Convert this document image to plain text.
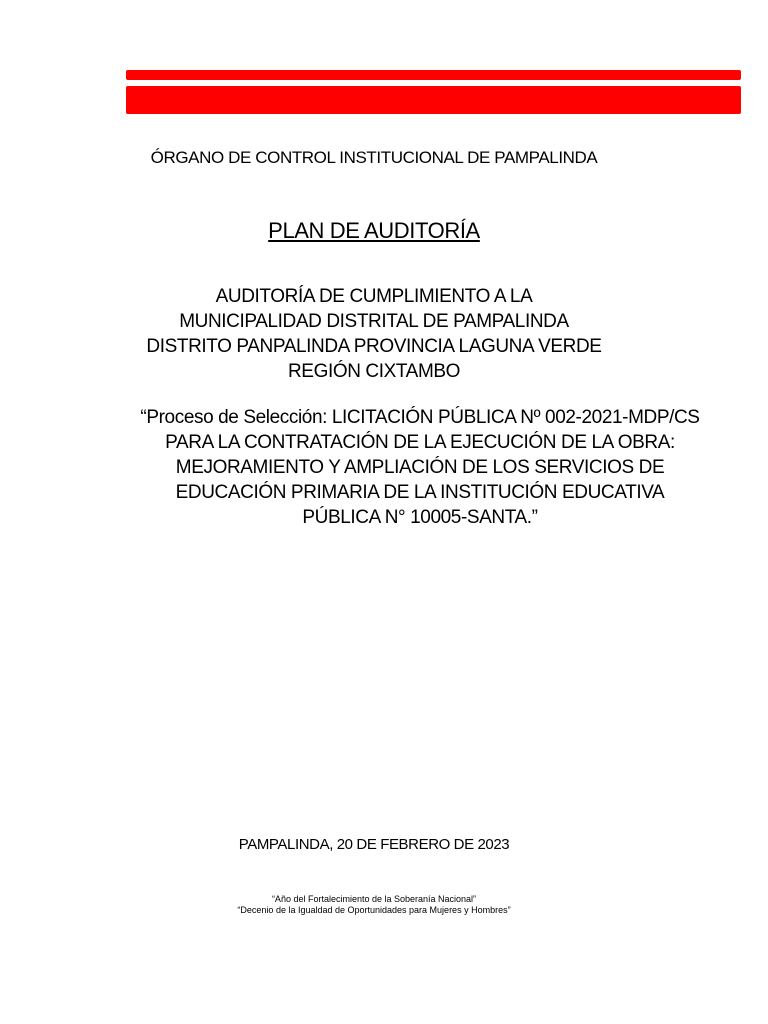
ÓRGANO DE CONTROL INSTITUCIONAL DE PAMPALINDA
PLAN DE AUDITORÍA
AUDITORÍA DE CUMPLIMIENTO A LA
MUNICIPALIDAD DISTRITAL DE PAMPALINDA
DISTRITO PANPALINDA PROVINCIA LAGUNA VERDE
REGIÓN CIXTAMBO
“Proceso de Selección: LICITACIÓN PÚBLICA Nº 002-2021-MDP/CS
PARA LA CONTRATACIÓN DE LA EJECUCIÓN DE LA OBRA:
MEJORAMIENTO Y AMPLIACIÓN DE LOS SERVICIOS DE
EDUCACIÓN PRIMARIA DE LA INSTITUCIÓN EDUCATIVA
PÚBLICA N° 10005-SANTA.”
PAMPALINDA, 20 DE FEBRERO DE 2023
“Año del Fortalecimiento de la Soberanía Nacional”
“Decenio de la Igualdad de Oportunidades para Mujeres y Hombres”
